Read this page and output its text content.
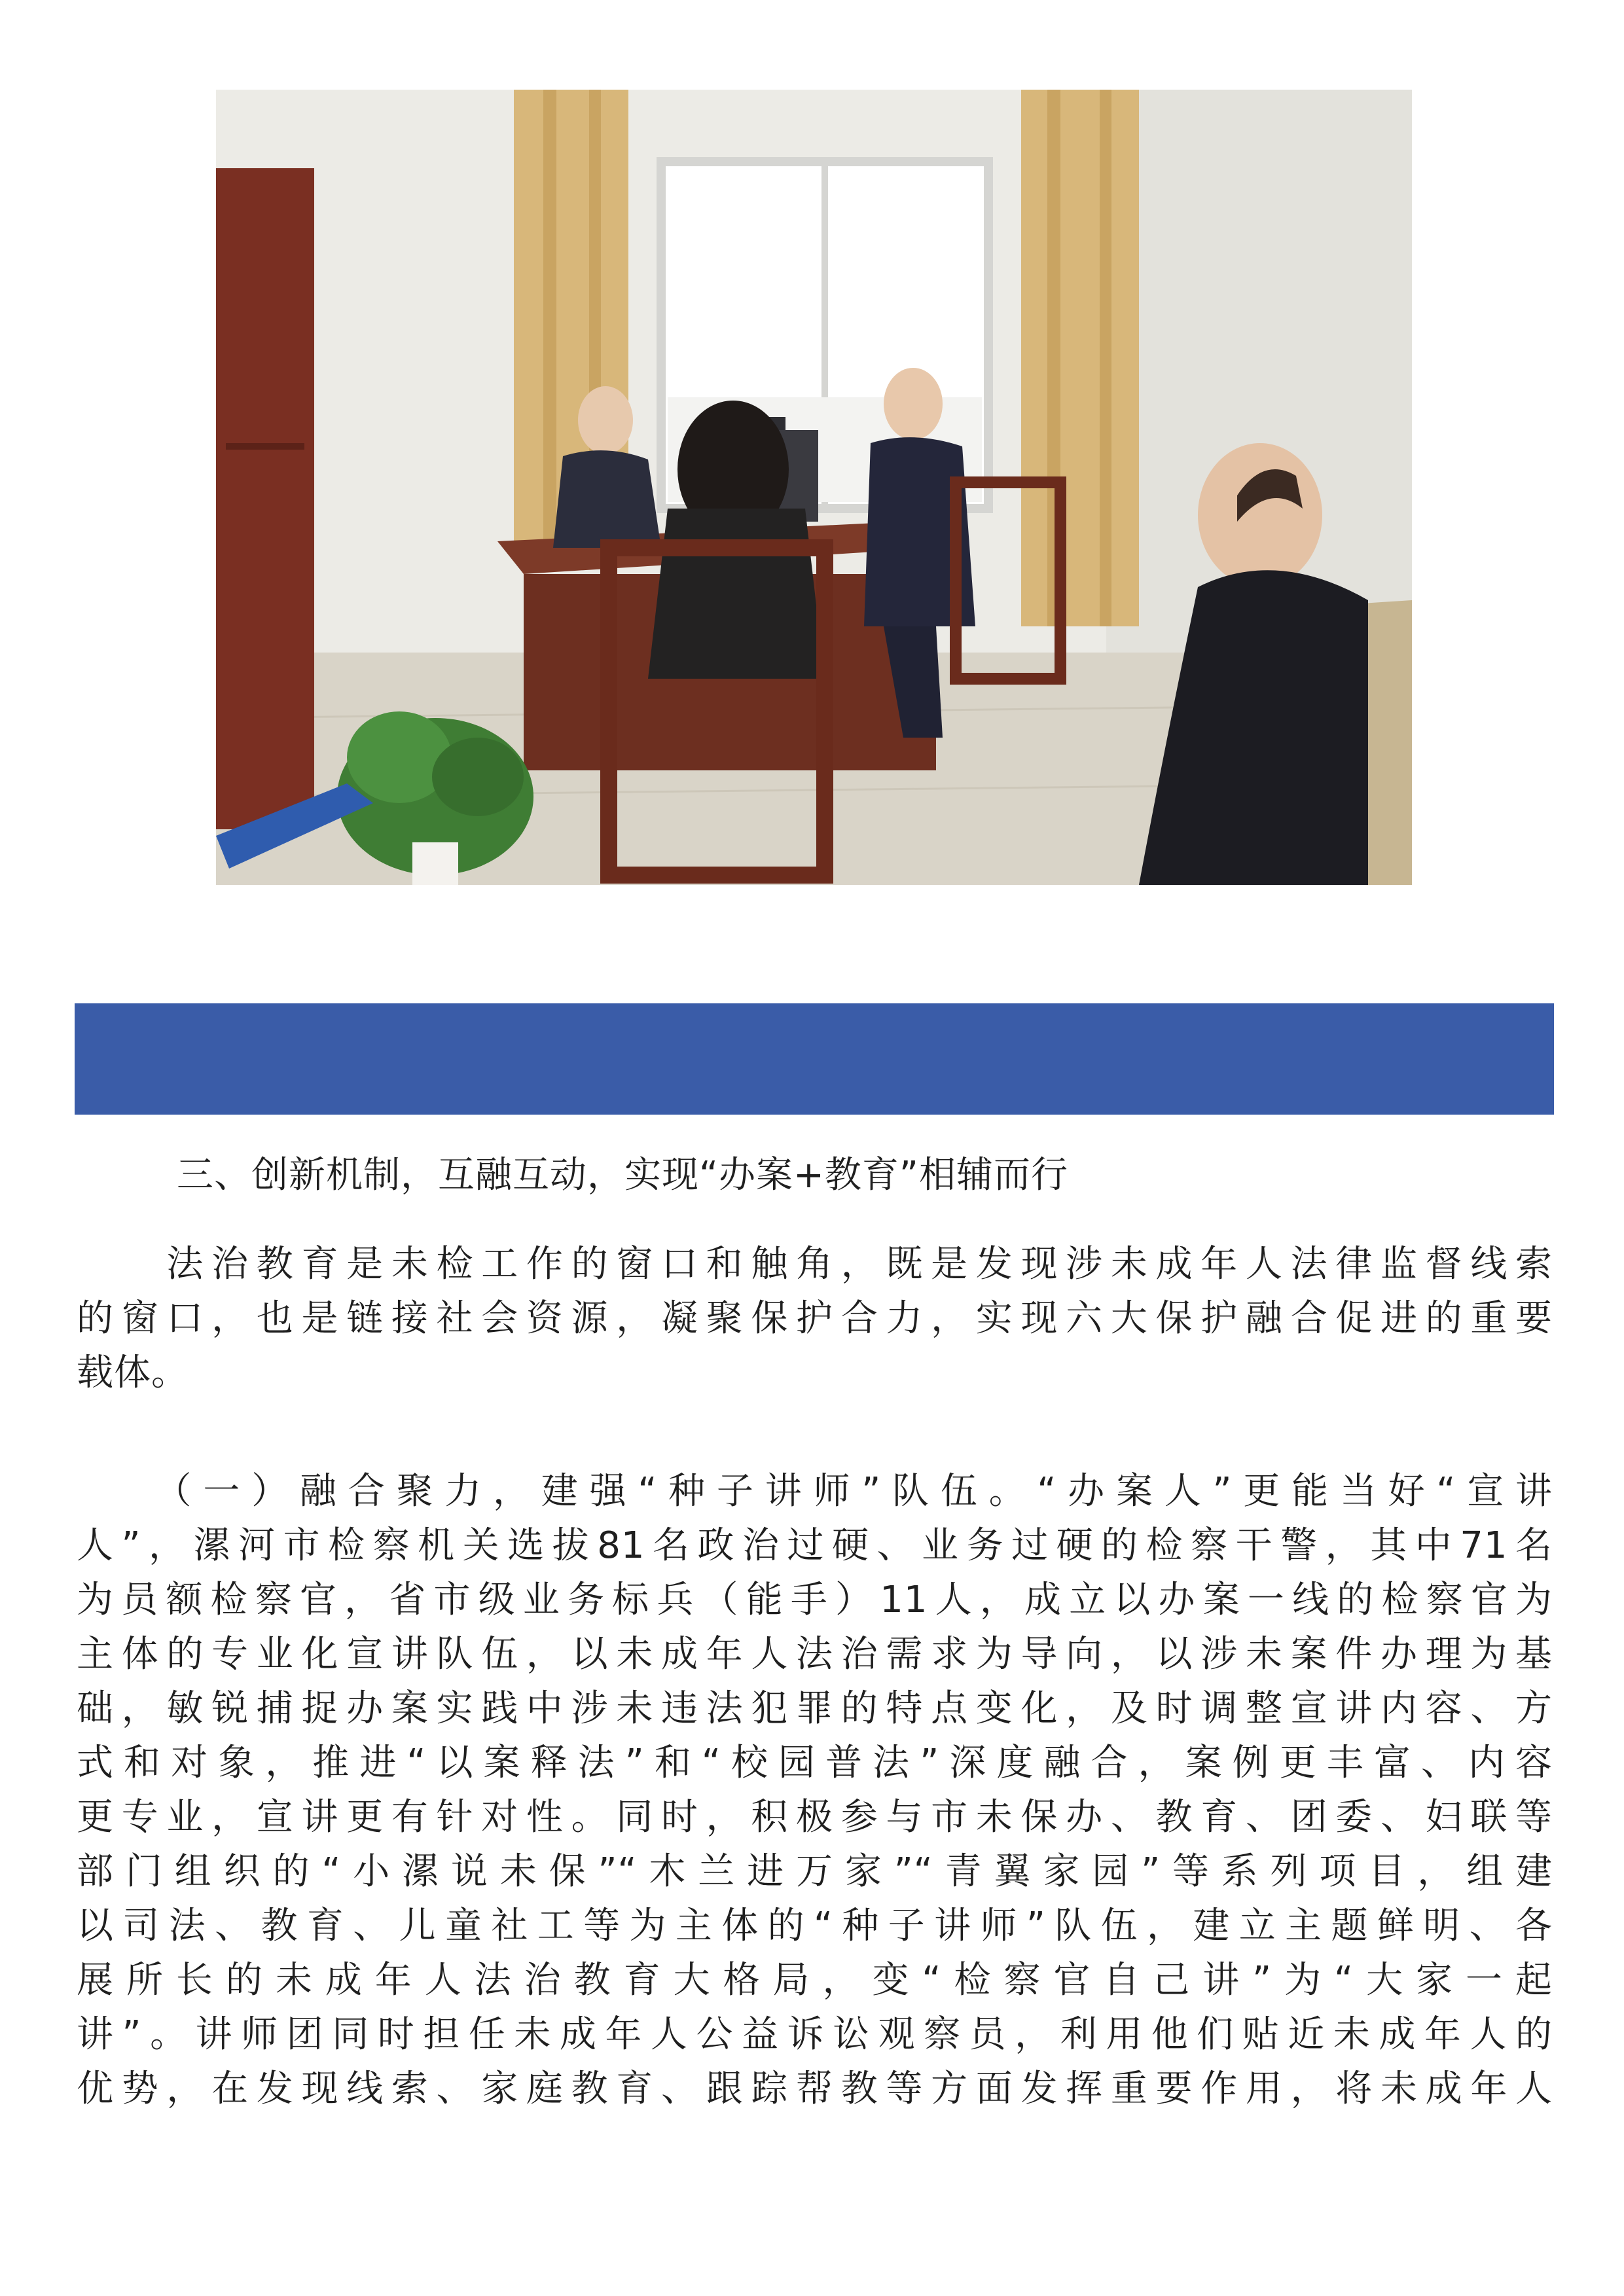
三、创新机制，互融互动，实现“办案+教育”相辅而行

　　法治教育是未检工作的窗口和触角，既是发现涉未成年人法律监督线索
的窗口，也是链接社会资源，凝聚保护合力，实现六大保护融合促进的重要
载体。
　　（一）融合聚力，建强“种子讲师”队伍。“办案人”更能当好“宣讲
人”，漯河市检察机关选拔81名政治过硬、业务过硬的检察干警，其中71名
为员额检察官，省市级业务标兵（能手）11人，成立以办案一线的检察官为
主体的专业化宣讲队伍，以未成年人法治需求为导向，以涉未案件办理为基
础，敏锐捕捉办案实践中涉未违法犯罪的特点变化，及时调整宣讲内容、方
式和对象，推进“以案释法”和“校园普法”深度融合，案例更丰富、内容
更专业，宣讲更有针对性。同时，积极参与市未保办、教育、团委、妇联等
部门组织的“小漯说未保”“木兰进万家”“青翼家园”等系列项目，组建
以司法、教育、儿童社工等为主体的“种子讲师”队伍，建立主题鲜明、各
展所长的未成年人法治教育大格局，变“检察官自己讲”为“大家一起
讲”。讲师团同时担任未成年人公益诉讼观察员，利用他们贴近未成年人的
优势，在发现线索、家庭教育、跟踪帮教等方面发挥重要作用，将未成年人
